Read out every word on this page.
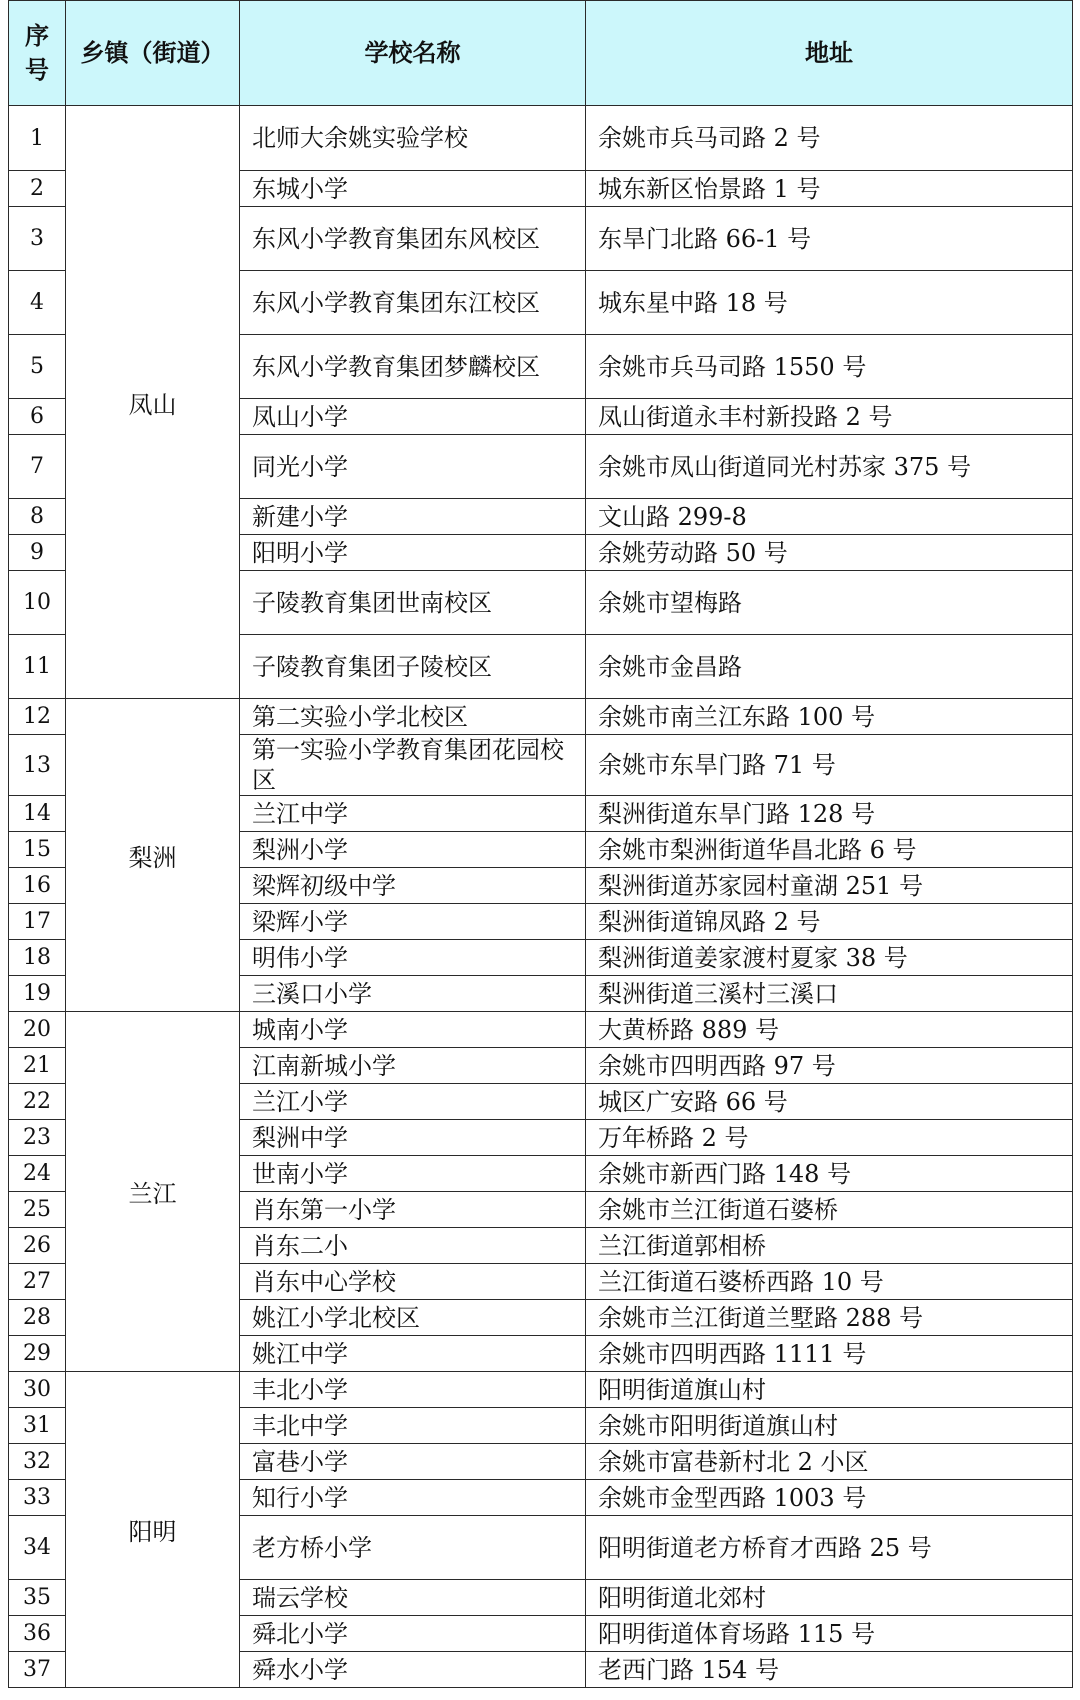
序
号	乡镇（街道）	学校名称	地址
1	凤山	北师大余姚实验学校	余姚市兵马司路 2 号
2		东城小学	城东新区怡景路 1 号
3		东风小学教育集团东风校区	东旱门北路 66-1 号
4		东风小学教育集团东江校区	城东星中路 18 号
5		东风小学教育集团梦麟校区	余姚市兵马司路 1550 号
6		凤山小学	凤山街道永丰村新投路 2 号
7		同光小学	余姚市凤山街道同光村苏家 375 号
8		新建小学	文山路 299-8
9		阳明小学	余姚劳动路 50 号
10		子陵教育集团世南校区	余姚市望梅路
11		子陵教育集团子陵校区	余姚市金昌路
12	梨洲	第二实验小学北校区	余姚市南兰江东路 100 号
13		第一实验小学教育集团花园校区	余姚市东旱门路 71 号
14		兰江中学	梨洲街道东旱门路 128 号
15		梨洲小学	余姚市梨洲街道华昌北路 6 号
16		梁辉初级中学	梨洲街道苏家园村童湖 251 号
17		梁辉小学	梨洲街道锦凤路 2 号
18		明伟小学	梨洲街道姜家渡村夏家 38 号
19		三溪口小学	梨洲街道三溪村三溪口
20	兰江	城南小学	大黄桥路 889 号
21		江南新城小学	余姚市四明西路 97 号
22		兰江小学	城区广安路 66 号
23		梨洲中学	万年桥路 2 号
24		世南小学	余姚市新西门路 148 号
25		肖东第一小学	余姚市兰江街道石婆桥
26		肖东二小	兰江街道郭相桥
27		肖东中心学校	兰江街道石婆桥西路 10 号
28		姚江小学北校区	余姚市兰江街道兰墅路 288 号
29		姚江中学	余姚市四明西路 1111 号
30	阳明	丰北小学	阳明街道旗山村
31		丰北中学	余姚市阳明街道旗山村
32		富巷小学	余姚市富巷新村北 2 小区
33		知行小学	余姚市金型西路 1003 号
34		老方桥小学	阳明街道老方桥育才西路 25 号
35		瑞云学校	阳明街道北郊村
36		舜北小学	阳明街道体育场路 115 号
37		舜水小学	老西门路 154 号
